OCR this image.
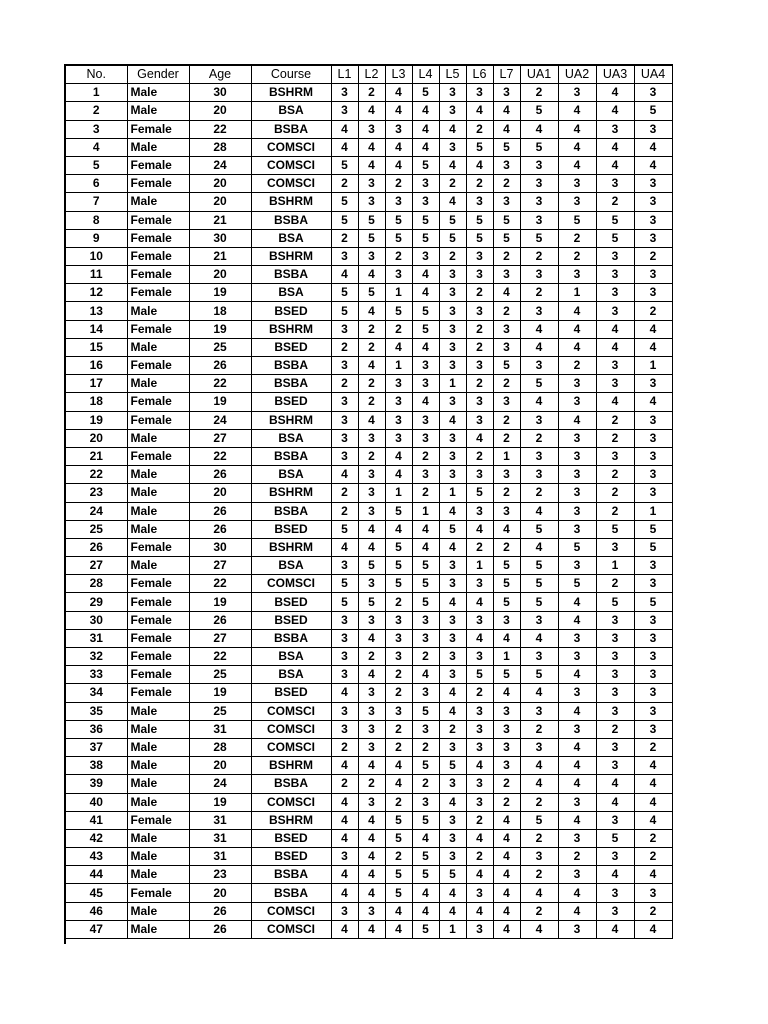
No.	Gender	Age	Course	L1	L2	L3	L4	L5	L6	L7	UA1	UA2	UA3	UA4
1	Male	30	BSHRM	3	2	4	5	3	3	3	2	3	4	3
2	Male	20	BSA	3	4	4	4	3	4	4	5	4	4	5
3	Female	22	BSBA	4	3	3	4	4	2	4	4	4	3	3
4	Male	28	COMSCI	4	4	4	4	3	5	5	5	4	4	4
5	Female	24	COMSCI	5	4	4	5	4	4	3	3	4	4	4
6	Female	20	COMSCI	2	3	2	3	2	2	2	3	3	3	3
7	Male	20	BSHRM	5	3	3	3	4	3	3	3	3	2	3
8	Female	21	BSBA	5	5	5	5	5	5	5	3	5	5	3
9	Female	30	BSA	2	5	5	5	5	5	5	5	2	5	3
10	Female	21	BSHRM	3	3	2	3	2	3	2	2	2	3	2
11	Female	20	BSBA	4	4	3	4	3	3	3	3	3	3	3
12	Female	19	BSA	5	5	1	4	3	2	4	2	1	3	3
13	Male	18	BSED	5	4	5	5	3	3	2	3	4	3	2
14	Female	19	BSHRM	3	2	2	5	3	2	3	4	4	4	4
15	Male	25	BSED	2	2	4	4	3	2	3	4	4	4	4
16	Female	26	BSBA	3	4	1	3	3	3	5	3	2	3	1
17	Male	22	BSBA	2	2	3	3	1	2	2	5	3	3	3
18	Female	19	BSED	3	2	3	4	3	3	3	4	3	4	4
19	Female	24	BSHRM	3	4	3	3	4	3	2	3	4	2	3
20	Male	27	BSA	3	3	3	3	3	4	2	2	3	2	3
21	Female	22	BSBA	3	2	4	2	3	2	1	3	3	3	3
22	Male	26	BSA	4	3	4	3	3	3	3	3	3	2	3
23	Male	20	BSHRM	2	3	1	2	1	5	2	2	3	2	3
24	Male	26	BSBA	2	3	5	1	4	3	3	4	3	2	1
25	Male	26	BSED	5	4	4	4	5	4	4	5	3	5	5
26	Female	30	BSHRM	4	4	5	4	4	2	2	4	5	3	5
27	Male	27	BSA	3	5	5	5	3	1	5	5	3	1	3
28	Female	22	COMSCI	5	3	5	5	3	3	5	5	5	2	3
29	Female	19	BSED	5	5	2	5	4	4	5	5	4	5	5
30	Female	26	BSED	3	3	3	3	3	3	3	3	4	3	3
31	Female	27	BSBA	3	4	3	3	3	4	4	4	3	3	3
32	Female	22	BSA	3	2	3	2	3	3	1	3	3	3	3
33	Female	25	BSA	3	4	2	4	3	5	5	5	4	3	3
34	Female	19	BSED	4	3	2	3	4	2	4	4	3	3	3
35	Male	25	COMSCI	3	3	3	5	4	3	3	3	4	3	3
36	Male	31	COMSCI	3	3	2	3	2	3	3	2	3	2	3
37	Male	28	COMSCI	2	3	2	2	3	3	3	3	4	3	2
38	Male	20	BSHRM	4	4	4	5	5	4	3	4	4	3	4
39	Male	24	BSBA	2	2	4	2	3	3	2	4	4	4	4
40	Male	19	COMSCI	4	3	2	3	4	3	2	2	3	4	4
41	Female	31	BSHRM	4	4	5	5	3	2	4	5	4	3	4
42	Male	31	BSED	4	4	5	4	3	4	4	2	3	5	2
43	Male	31	BSED	3	4	2	5	3	2	4	3	2	3	2
44	Male	23	BSBA	4	4	5	5	5	4	4	2	3	4	4
45	Female	20	BSBA	4	4	5	4	4	3	4	4	4	3	3
46	Male	26	COMSCI	3	3	4	4	4	4	4	2	4	3	2
47	Male	26	COMSCI	4	4	4	5	1	3	4	4	3	4	4
